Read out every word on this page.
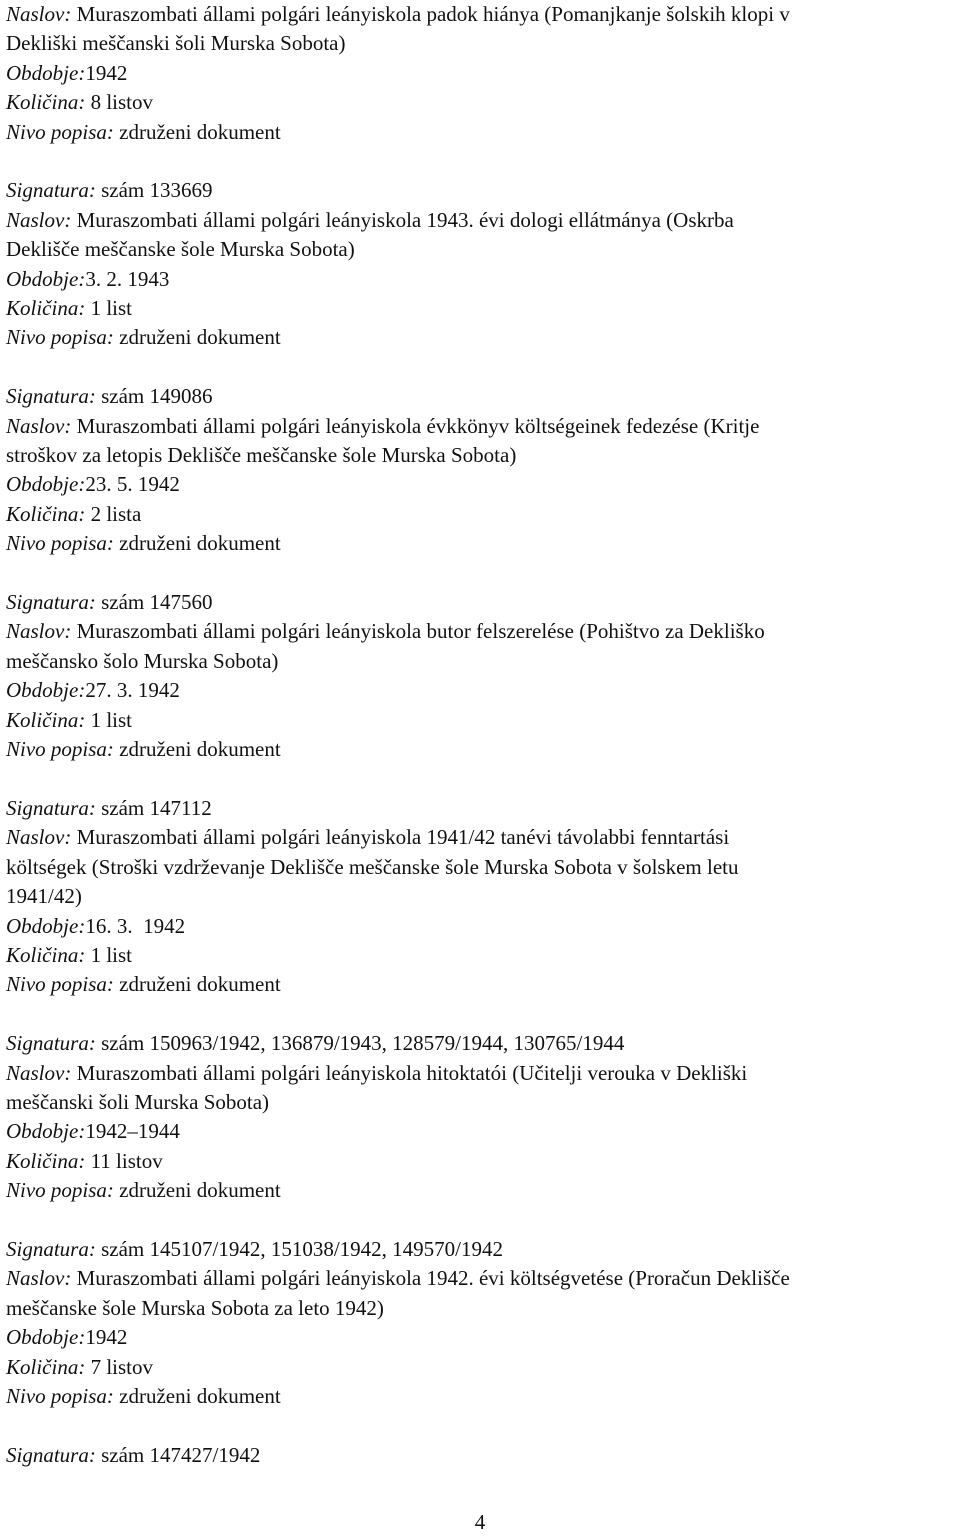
Naslov: Muraszombati állami polgári leányiskola padok hiánya (Pomanjkanje šolskih klopi v
Dekliški meščanski šoli Murska Sobota)
Obdobje:1942
Količina: 8 listov
Nivo popisa: združeni dokument
Signatura: szám 133669
Naslov: Muraszombati állami polgári leányiskola 1943. évi dologi ellátmánya (Oskrba
Deklišče meščanske šole Murska Sobota)
Obdobje:3. 2. 1943
Količina: 1 list
Nivo popisa: združeni dokument
Signatura: szám 149086
Naslov: Muraszombati állami polgári leányiskola évkkönyv költségeinek fedezése (Kritje
stroškov za letopis Deklišče meščanske šole Murska Sobota)
Obdobje:23. 5. 1942
Količina: 2 lista
Nivo popisa: združeni dokument
Signatura: szám 147560
Naslov: Muraszombati állami polgári leányiskola butor felszerelése (Pohištvo za Dekliško
meščansko šolo Murska Sobota)
Obdobje:27. 3. 1942
Količina: 1 list
Nivo popisa: združeni dokument
Signatura: szám 147112
Naslov: Muraszombati állami polgári leányiskola 1941/42 tanévi távolabbi fenntartási
költségek (Stroški vzdrževanje Deklišče meščanske šole Murska Sobota v šolskem letu
1941/42)
Obdobje:16. 3.  1942
Količina: 1 list
Nivo popisa: združeni dokument
Signatura: szám 150963/1942, 136879/1943, 128579/1944, 130765/1944
Naslov: Muraszombati állami polgári leányiskola hitoktatói (Učitelji verouka v Dekliški
meščanski šoli Murska Sobota)
Obdobje:1942–1944
Količina: 11 listov
Nivo popisa: združeni dokument
Signatura: szám 145107/1942, 151038/1942, 149570/1942
Naslov: Muraszombati állami polgári leányiskola 1942. évi költségvetése (Proračun Deklišče
meščanske šole Murska Sobota za leto 1942)
Obdobje:1942
Količina: 7 listov
Nivo popisa: združeni dokument
Signatura: szám 147427/1942
4
